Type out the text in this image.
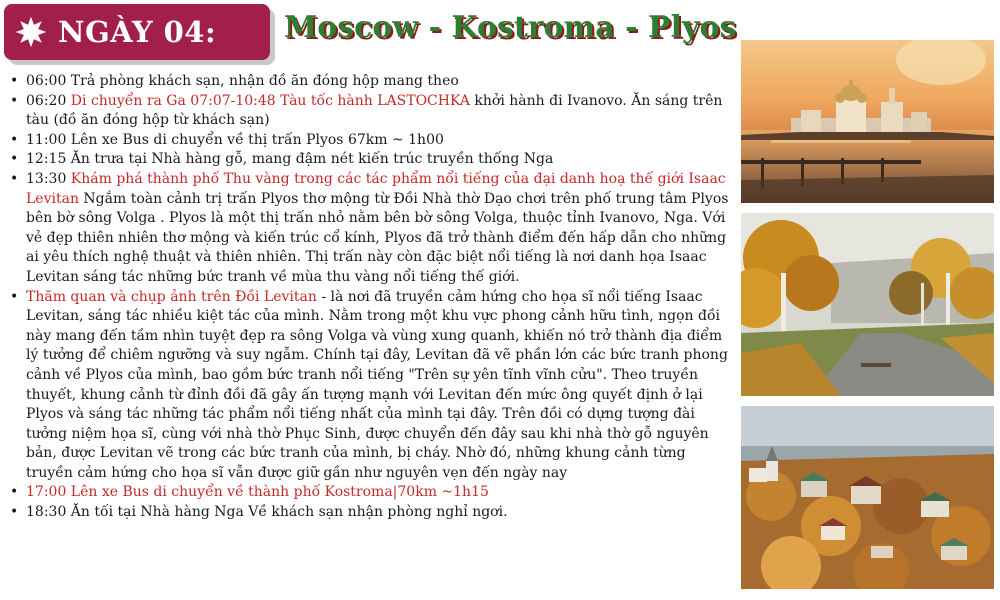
NGÀY 04: Moscow - Kostroma - Plyos
• 06:00 Trả phòng khách sạn, nhận đồ ăn đóng hộp mang theo
• 06:20 Di chuyển ra Ga 07:07-10:48 Tàu tốc hành LASTOCHKA khởi hành đi Ivanovo. Ăn sáng trên tàu (đồ ăn đóng hộp từ khách sạn)
• 11:00 Lên xe Bus di chuyển về thị trấn Plyos 67km ~ 1h00
• 12:15 Ăn trưa tại Nhà hàng gỗ, mang đậm nét kiến trúc truyền thống Nga
• 13:30 Khám phá thành phố Thu vàng trong các tác phẩm nổi tiếng của đại danh hoạ thế giới Isaac Levitan Ngắm toàn cảnh trị trấn Plyos thơ mộng từ Đồi Nhà thờ Dạo chơi trên phố trung tâm Plyos bên bờ sông Volga . Plyos là một thị trấn nhỏ nằm bên bờ sông Volga, thuộc tỉnh Ivanovo, Nga. Với vẻ đẹp thiên nhiên thơ mộng và kiến trúc cổ kính, Plyos đã trở thành điểm đến hấp dẫn cho những ai yêu thích nghệ thuật và thiên nhiên. Thị trấn này còn đặc biệt nổi tiếng là nơi danh họa Isaac Levitan sáng tác những bức tranh về mùa thu vàng nổi tiếng thế giới.
• Thăm quan và chụp ảnh trên Đồi Levitan - là nơi đã truyền cảm hứng cho họa sĩ nổi tiếng Isaac Levitan, sáng tác nhiều kiệt tác của mình. Nằm trong một khu vực phong cảnh hữu tình, ngọn đồi này mang đến tầm nhìn tuyệt đẹp ra sông Volga và vùng xung quanh, khiến nó trở thành địa điểm lý tưởng để chiêm ngưỡng và suy ngẫm. Chính tại đây, Levitan đã vẽ phần lớn các bức tranh phong cảnh về Plyos của mình, bao gồm bức tranh nổi tiếng "Trên sự yên tĩnh vĩnh cửu". Theo truyền thuyết, khung cảnh từ đỉnh đồi đã gây ấn tượng mạnh với Levitan đến mức ông quyết định ở lại Plyos và sáng tác những tác phẩm nổi tiếng nhất của mình tại đây. Trên đồi có dựng tượng đài tưởng niệm họa sĩ, cùng với nhà thờ Phục Sinh, được chuyển đến đây sau khi nhà thờ gỗ nguyên bản, được Levitan vẽ trong các bức tranh của mình, bị cháy. Nhờ đó, những khung cảnh từng truyền cảm hứng cho họa sĩ vẫn được giữ gần như nguyên vẹn đến ngày nay
• 17:00 Lên xe Bus di chuyển về thành phố Kostroma|70km ~1h15
• 18:30 Ăn tối tại Nhà hàng Nga Về khách sạn nhận phòng nghỉ ngơi.
